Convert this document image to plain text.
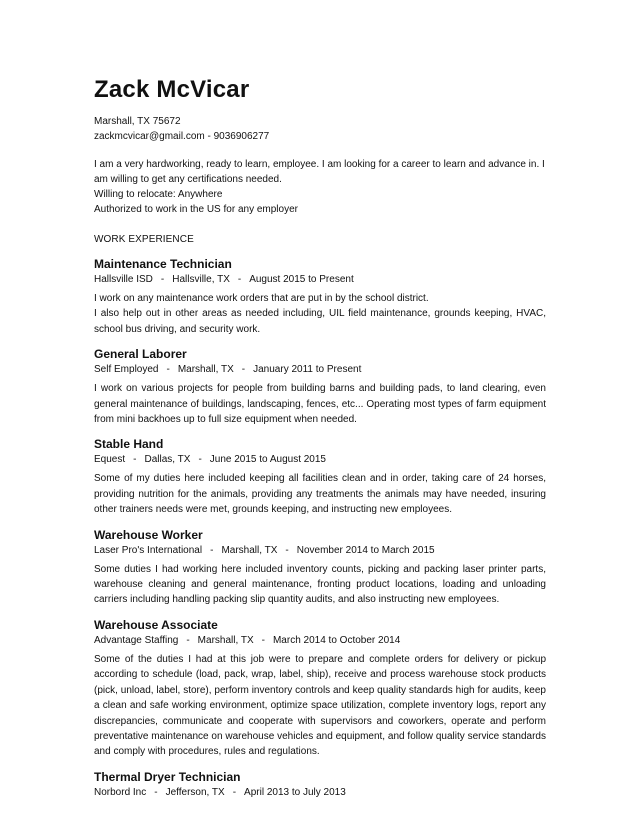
Zack McVicar
Marshall, TX 75672
zackmcvicar@gmail.com - 9036906277

I am a very hardworking, ready to learn, employee. I am looking for a career to learn and advance in. I am willing to get any certifications needed.

Willing to relocate: Anywhere

Authorized to work in the US for any employer

WORK EXPERIENCE
Maintenance Technician
Hallsville ISD - Hallsville, TX - August 2015 to Present

I work on any maintenance work orders that are put in by the school district.

I also help out in other areas as needed including, UIL field maintenance, grounds keeping, HVAC, school bus driving, and security work.

General Laborer
Self Employed - Marshall, TX - January 2011 to Present

I work on various projects for people from building barns and building pads, to land clearing, even general maintenance of buildings, landscaping, fences, etc... Operating most types of farm equipment from mini backhoes up to full size equipment when needed.

Stable Hand
Equest - Dallas, TX - June 2015 to August 2015

Some of my duties here included keeping all facilities clean and in order, taking care of 24 horses, providing nutrition for the animals, providing any treatments the animals may have needed, insuring other trainers needs were met, grounds keeping, and instructing new employees.

Warehouse Worker
Laser Pro's International - Marshall, TX - November 2014 to March 2015

Some duties I had working here included inventory counts, picking and packing laser printer parts, warehouse cleaning and general maintenance, fronting product locations, loading and unloading carriers including handling packing slip quantity audits, and also instructing new employees.

Warehouse Associate
Advantage Staffing - Marshall, TX - March 2014 to October 2014

Some of the duties I had at this job were to prepare and complete orders for delivery or pickup according to schedule (load, pack, wrap, label, ship), receive and process warehouse stock products (pick, unload, label, store), perform inventory controls and keep quality standards high for audits, keep a clean and safe working environment, optimize space utilization, complete inventory logs, report any discrepancies, communicate and cooperate with supervisors and coworkers, operate and perform preventative maintenance on warehouse vehicles and equipment, and follow quality service standards and comply with procedures, rules and regulations.

Thermal Dryer Technician
Norbord Inc - Jefferson, TX - April 2013 to July 2013
